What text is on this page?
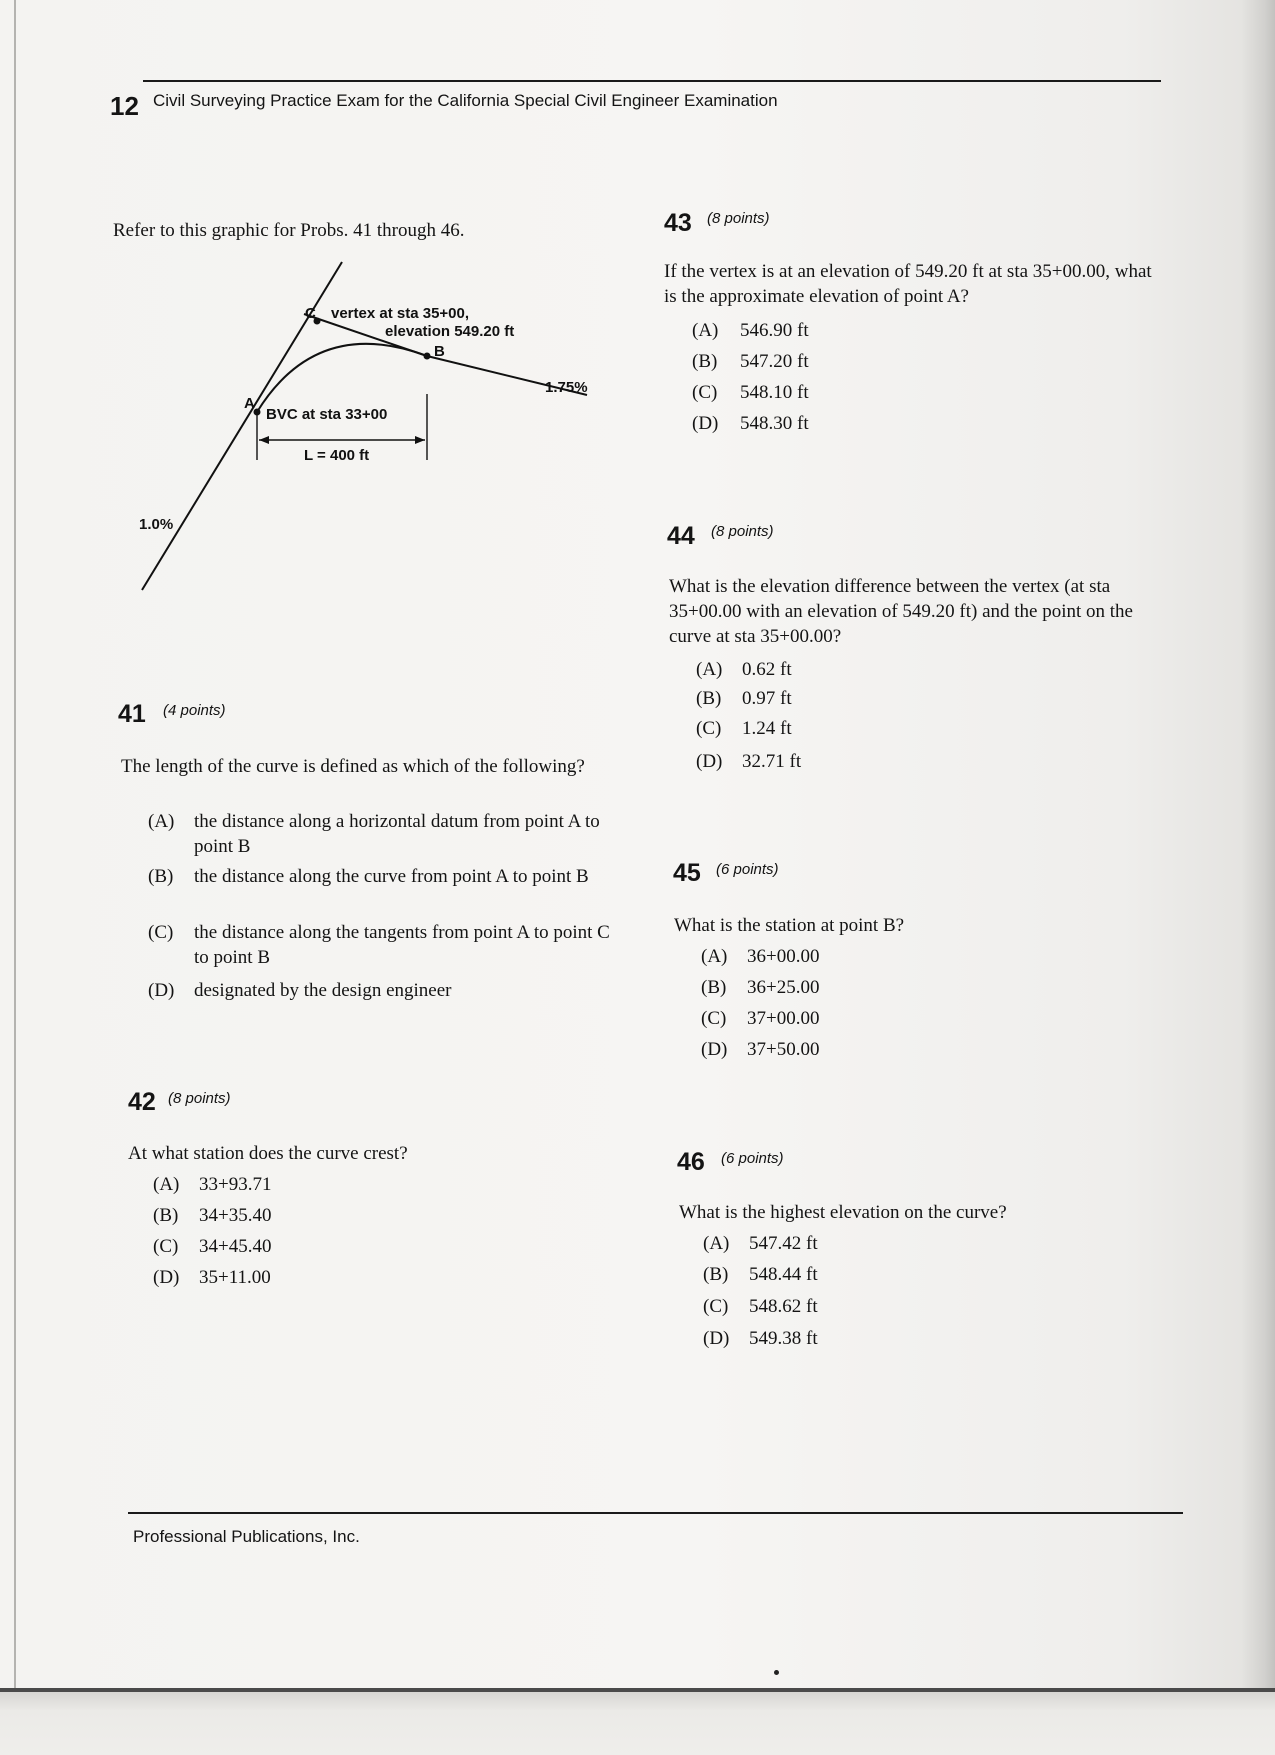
12 Civil Surveying Practice Exam for the California Special Civil Engineer Examination
Refer to this graphic for Probs. 41 through 46.
C vertex at sta 35+00,
elevation 549.20 ft
B
1.75%
A
BVC at sta 33+00
L = 400 ft
1.0%
41 (4 points)
The length of the curve is defined as which of the following?
(A) the distance along a horizontal datum from point A to point B
(B) the distance along the curve from point A to point B
(C) the distance along the tangents from point A to point C to point B
(D) designated by the design engineer
42 (8 points)
At what station does the curve crest?
(A) 33+93.71
(B) 34+35.40
(C) 34+45.40
(D) 35+11.00
43 (8 points)
If the vertex is at an elevation of 549.20 ft at sta 35+00.00, what is the approximate elevation of point A?
(A) 546.90 ft
(B) 547.20 ft
(C) 548.10 ft
(D) 548.30 ft
44 (8 points)
What is the elevation difference between the vertex (at sta 35+00.00 with an elevation of 549.20 ft) and the point on the curve at sta 35+00.00?
(A) 0.62 ft
(B) 0.97 ft
(C) 1.24 ft
(D) 32.71 ft
45 (6 points)
What is the station at point B?
(A) 36+00.00
(B) 36+25.00
(C) 37+00.00
(D) 37+50.00
46 (6 points)
What is the highest elevation on the curve?
(A) 547.42 ft
(B) 548.44 ft
(C) 548.62 ft
(D) 549.38 ft
Professional Publications, Inc.
